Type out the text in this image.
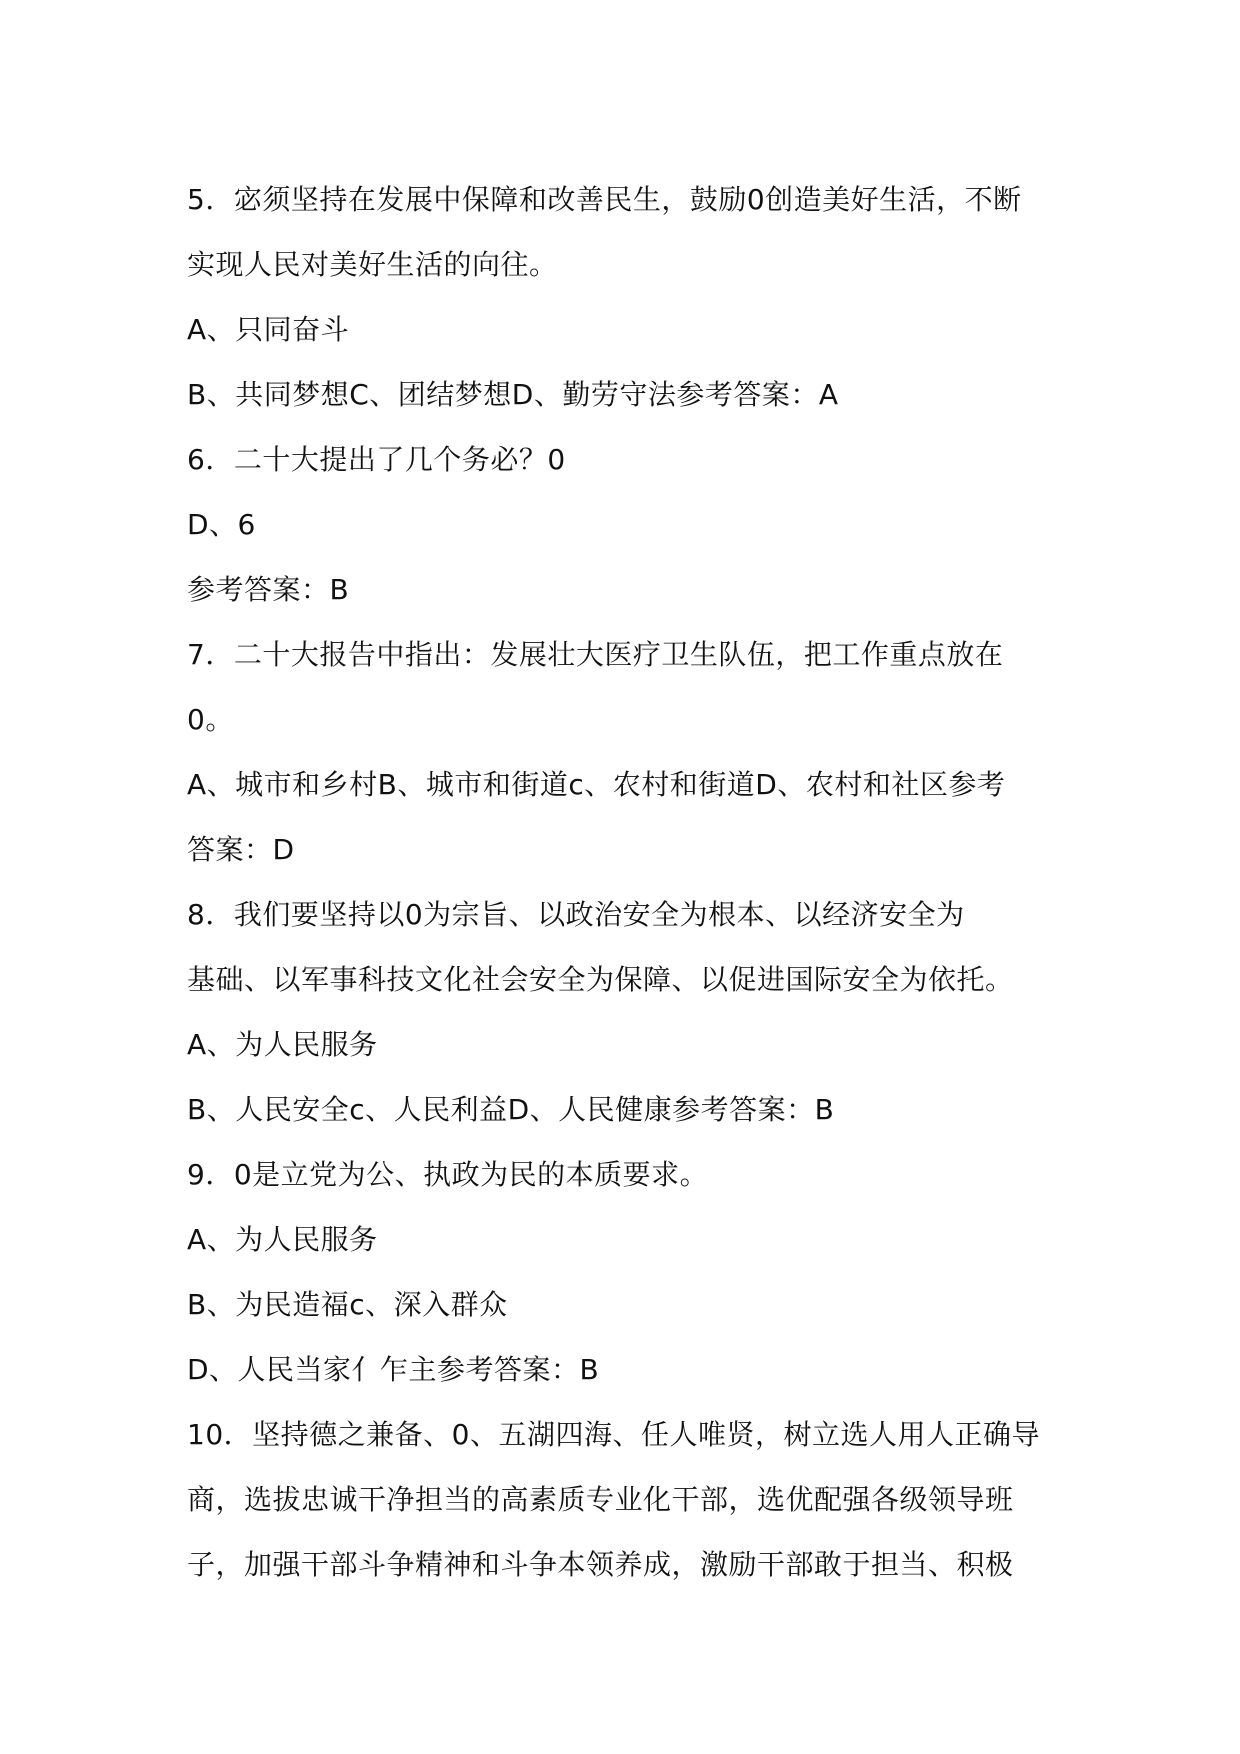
5．宓须坚持在发展中保障和改善民生，鼓励0创造美好生活，不断
实现人民对美好生活的向往。
A、只同奋斗
B、共同梦想C、团结梦想D、勤劳守法参考答案：A
6．二十大提出了几个务必？0
D、6
参考答案：B
7．二十大报告中指出：发展壮大医疗卫生队伍，把工作重点放在
0。
A、城市和乡村B、城市和街道c、农村和街道D、农村和社区参考
答案：D
8．我们要坚持以0为宗旨、以政治安全为根本、以经济安全为
基础、以军事科技文化社会安全为保障、以促进国际安全为依托。
A、为人民服务
B、人民安全c、人民利益D、人民健康参考答案：B
9．0是立党为公、执政为民的本质要求。
A、为人民服务
B、为民造福c、深入群众
D、人民当家亻乍主参考答案：B
10．坚持德之兼备、0、五湖四海、任人唯贤，树立选人用人正确导
商，选拔忠诚干净担当的高素质专业化干部，选优配强各级领导班
子，加强干部斗争精神和斗争本领养成，激励干部敢于担当、积极
